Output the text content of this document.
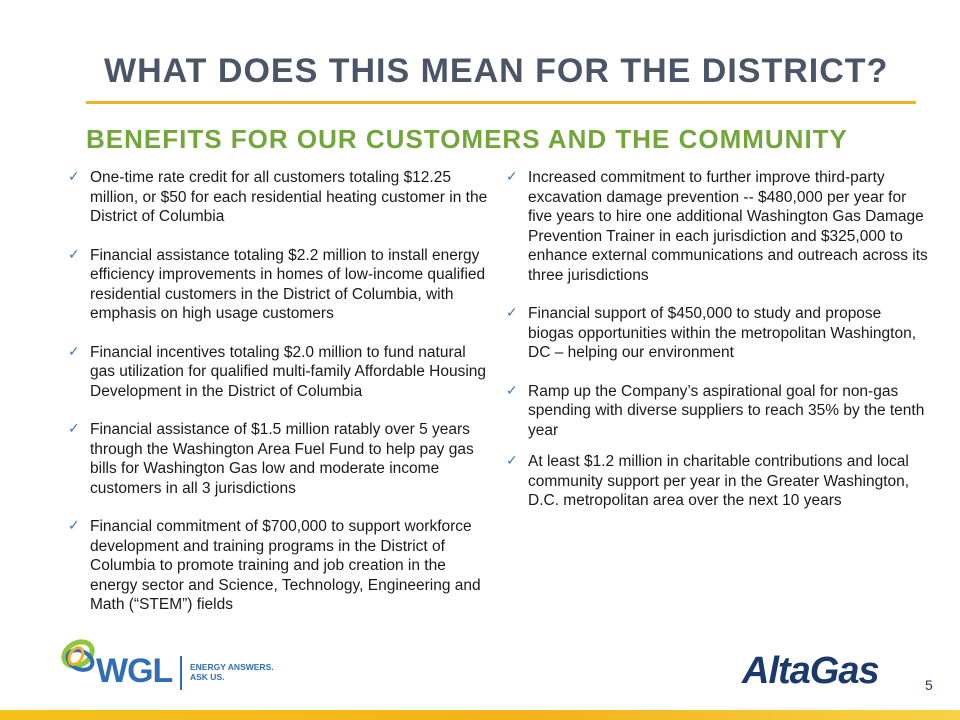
WHAT DOES THIS MEAN FOR THE DISTRICT?
BENEFITS FOR OUR CUSTOMERS AND THE COMMUNITY
✓ One-time rate credit for all customers totaling $12.25 million, or $50 for each residential heating customer in the District of Columbia
✓ Financial assistance totaling $2.2 million to install energy efficiency improvements in homes of low-income qualified residential customers in the District of Columbia, with emphasis on high usage customers
✓ Financial incentives totaling $2.0 million to fund natural gas utilization for qualified multi-family Affordable Housing Development in the District of Columbia
✓ Financial assistance of $1.5 million ratably over 5 years through the Washington Area Fuel Fund to help pay gas bills for Washington Gas low and moderate income customers in all 3 jurisdictions
✓ Financial commitment of $700,000 to support workforce development and training programs in the District of Columbia to promote training and job creation in the energy sector and Science, Technology, Engineering and Math (“STEM”) fields
✓ Increased commitment to further improve third-party excavation damage prevention -- $480,000 per year for five years to hire one additional Washington Gas Damage Prevention Trainer in each jurisdiction and $325,000 to enhance external communications and outreach across its three jurisdictions
✓ Financial support of $450,000 to study and propose biogas opportunities within the metropolitan Washington, DC – helping our environment
✓ Ramp up the Company’s aspirational goal for non-gas spending with diverse suppliers to reach 35% by the tenth year
✓ At least $1.2 million in charitable contributions and local community support per year in the Greater Washington, D.C. metropolitan area over the next 10 years
WGL ENERGY ANSWERS.
ASK US.	AltaGas	5
